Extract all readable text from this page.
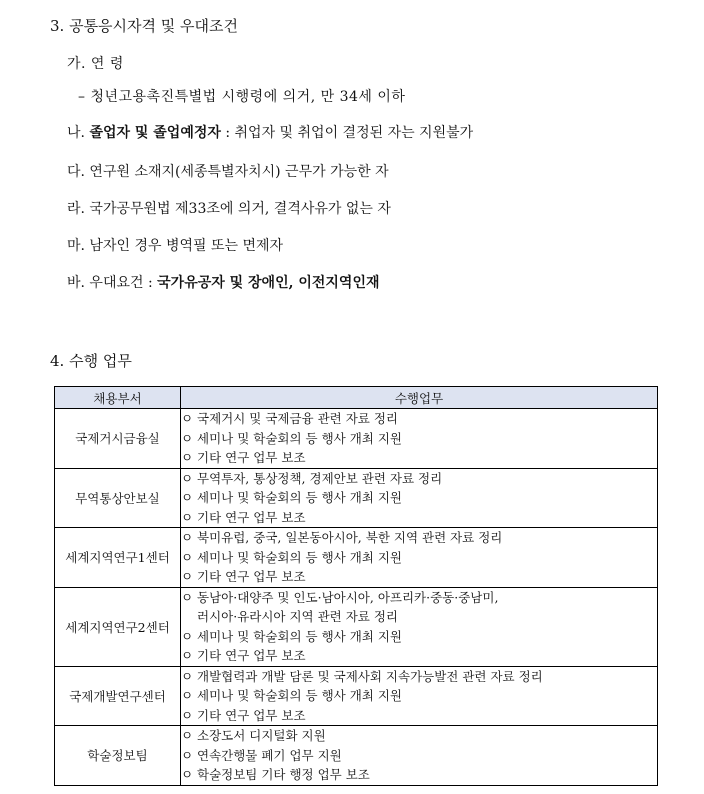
3. 공통응시자격 및 우대조건
가. 연 령
– 청년고용촉진특별법 시행령에 의거, 만 34세 이하
나. 졸업자 및 졸업예정자 : 취업자 및 취업이 결정된 자는 지원불가
다. 연구원 소재지(세종특별자치시) 근무가 가능한 자
라. 국가공무원법 제33조에 의거, 결격사유가 없는 자
마. 남자인 경우 병역필 또는 면제자
바. 우대요건 : 국가유공자 및 장애인, 이전지역인재
4. 수행 업무
채용부서	수행업무
국제거시금융실	ㅇ 국제거시 및 국제금융 관련 자료 정리
ㅇ 세미나 및 학술회의 등 행사 개최 지원
ㅇ 기타 연구 업무 보조

무역통상안보실	ㅇ 무역투자, 통상정책, 경제안보 관련 자료 정리
ㅇ 세미나 및 학술회의 등 행사 개최 지원
ㅇ 기타 연구 업무 보조

세계지역연구1센터	ㅇ 북미유럽, 중국, 일본동아시아, 북한 지역 관련 자료 정리
ㅇ 세미나 및 학술회의 등 행사 개최 지원
ㅇ 기타 연구 업무 보조

세계지역연구2센터	ㅇ 동남아·대양주 및 인도·남아시아, 아프리카·중동·중남미,
러시아·유라시아 지역 관련 자료 정리
ㅇ 세미나 및 학술회의 등 행사 개최 지원
ㅇ 기타 연구 업무 보조

국제개발연구센터	ㅇ 개발협력과 개발 담론 및 국제사회 지속가능발전 관련 자료 정리
ㅇ 세미나 및 학술회의 등 행사 개최 지원
ㅇ 기타 연구 업무 보조

학술정보팀	ㅇ 소장도서 디지털화 지원
ㅇ 연속간행물 폐기 업무 지원
ㅇ 학술정보팀 기타 행정 업무 보조
